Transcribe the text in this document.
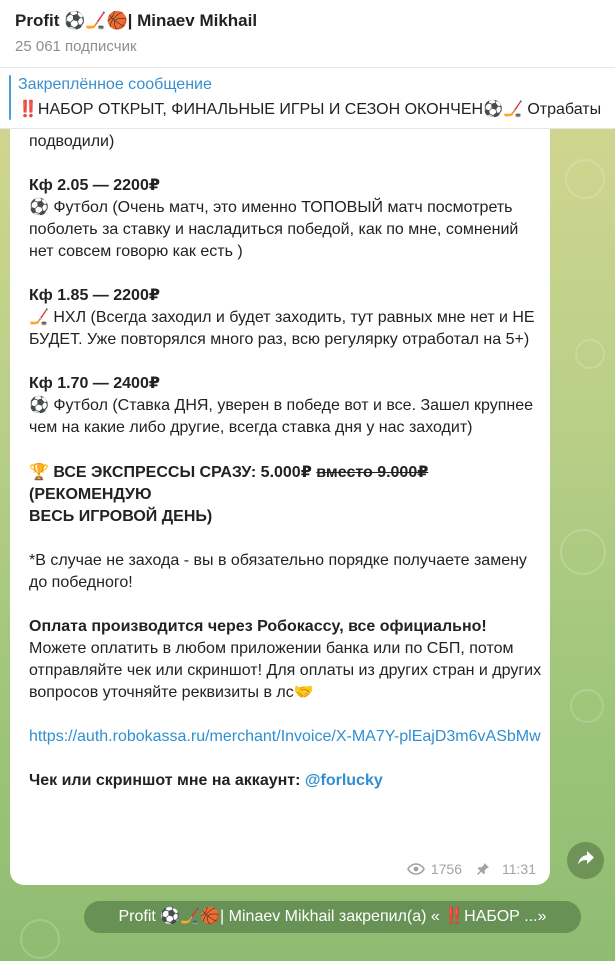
Profit ⚽🏒🏀| Minaev Mikhail
25 061 подписчик
Закреплённое сообщение
‼️НАБОР ОТКРЫТ, ФИНАЛЬНЫЕ ИГРЫ И СЕЗОН ОКОНЧЕН⚽🏒 Отрабаты

подводили)

Кф 2.05 — 2200₽
⚽ Футбол (Очень матч, это именно ТОПОВЫЙ матч посмотреть поболеть за ставку и насладиться победой, как по мне, сомнений нет совсем говорю как есть )

Кф 1.85 — 2200₽
🏒 НХЛ (Всегда заходил и будет заходить, тут равных мне нет и НЕ БУДЕТ. Уже повторялся много раз, всю регулярку отработал на 5+)

Кф 1.70 — 2400₽
⚽ Футбол (Ставка ДНЯ, уверен в победе вот и все. Зашел крупнее чем на какие либо другие, всегда ставка дня у нас заходит)

🏆 ВСЕ ЭКСПРЕССЫ СРАЗУ: 5.000₽ вместо 9.000₽
(РЕКОМЕНДУЮ
ВЕСЬ ИГРОВОЙ ДЕНЬ)

*В случае не захода - вы в обязательно порядке получаете замену до победного!

Оплата производится через Робокассу, все официально!
Можете оплатить в любом приложении банка или по СБП, потом отправляйте чек или скриншот! Для оплаты из других стран и других вопросов уточняйте реквизиты в лс🤝

https://auth.robokassa.ru/merchant/Invoice/X-MA7Y-plEajD3m6vASbMw

Чек или скриншот мне на аккаунт: @forlucky

1756	11:31
Profit ⚽🏒🏀| Minaev Mikhail закрепил(а) « ‼️НАБОР ...»
